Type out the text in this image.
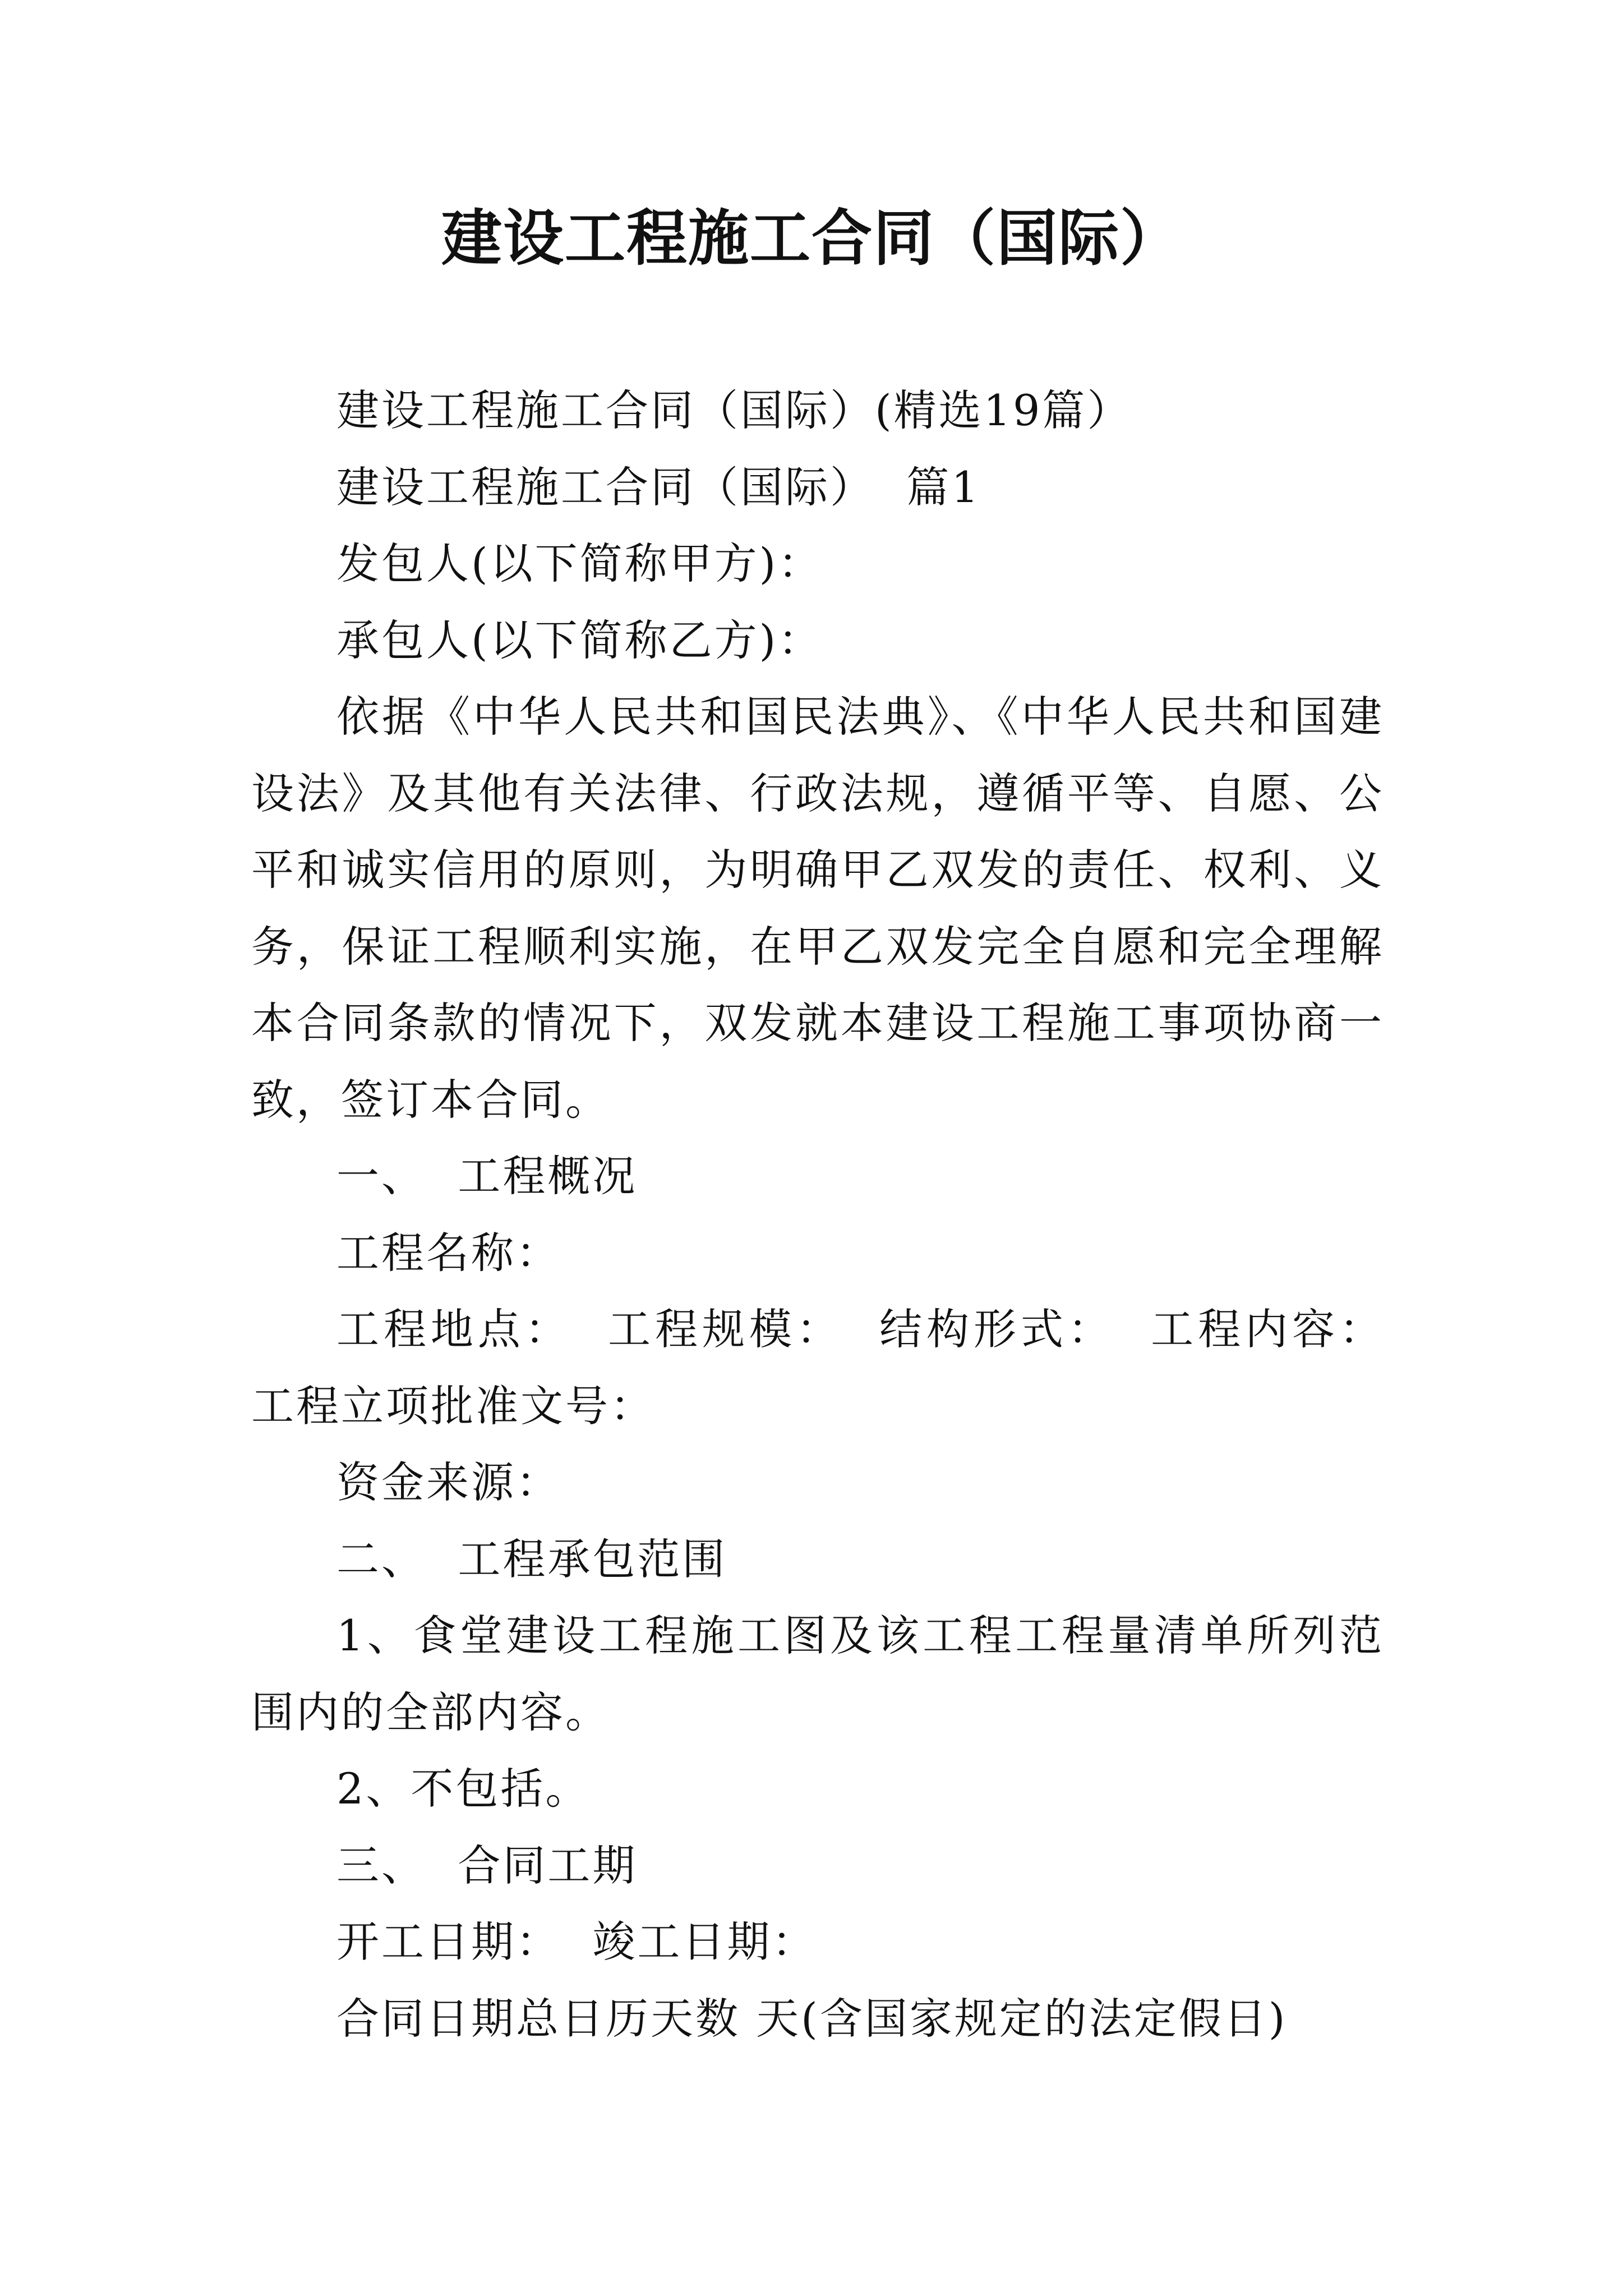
建设工程施工合同（国际）

建设工程施工合同（国际）(精选19篇）

建设工程施工合同（国际）  篇1

发包人(以下简称甲方)：

承包人(以下简称乙方)：

依据《中华人民共和国民法典》、《中华人民共和国建设法》及其他有关法律、行政法规，遵循平等、自愿、公平和诚实信用的原则，为明确甲乙双发的责任、权利、义务，保证工程顺利实施，在甲乙双发完全自愿和完全理解本合同条款的情况下，双发就本建设工程施工事项协商一致，签订本合同。

一、  工程概况

工程名称：

工程地点：  工程规模：  结构形式：  工程内容：  工程立项批准文号：

资金来源：

二、  工程承包范围

1、食堂建设工程施工图及该工程工程量清单所列范围内的全部内容。

2、不包括。

三、  合同工期

开工日期：  竣工日期：

合同日期总日历天数 天(含国家规定的法定假日)
